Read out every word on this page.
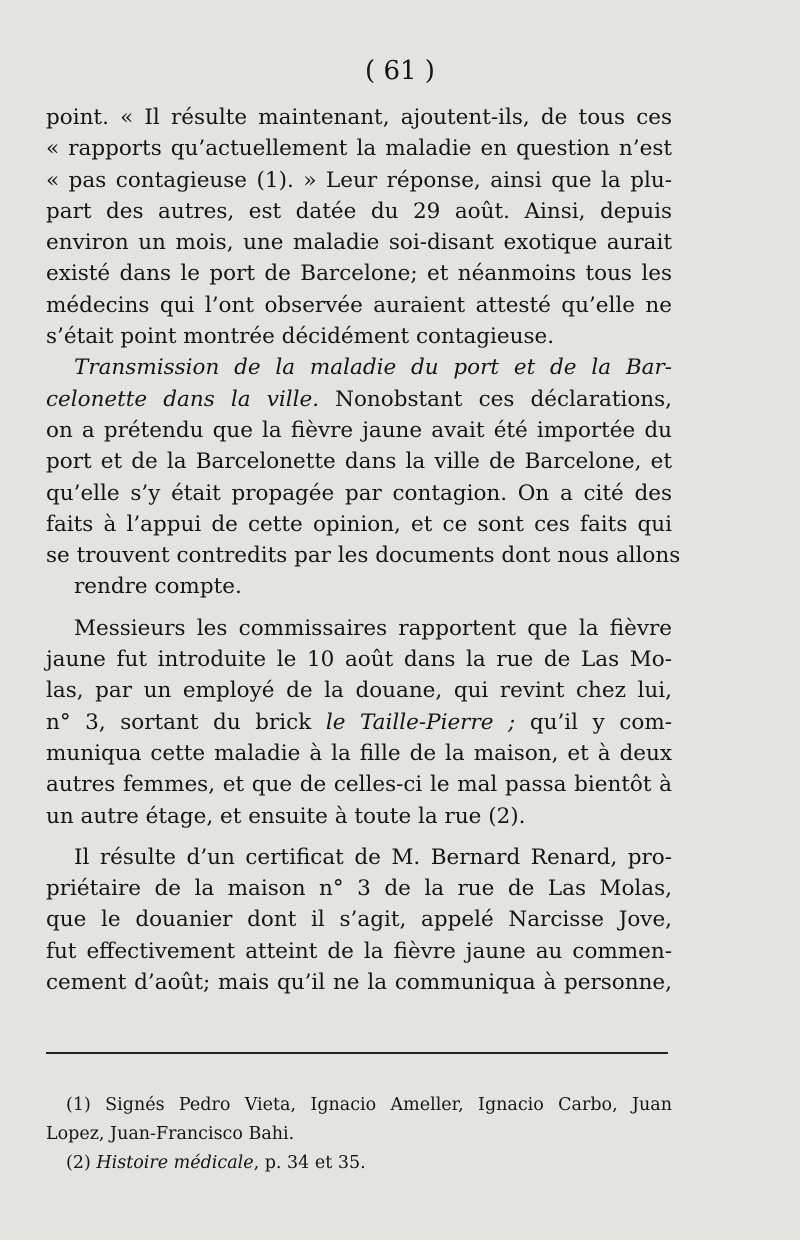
( 61 )
point. « Il résulte maintenant, ajoutent-ils, de tous ces
« rapports qu’actuellement la maladie en question n’est
« pas contagieuse (1). » Leur réponse, ainsi que la plu-
part des autres, est datée du 29 août. Ainsi, depuis
environ un mois, une maladie soi-disant exotique aurait
existé dans le port de Barcelone; et néanmoins tous les
médecins qui l’ont observée auraient attesté qu’elle ne
s’était point montrée décidément contagieuse.
Transmission de la maladie du port et de la Bar-
celonette dans la ville. Nonobstant ces déclarations,
on a prétendu que la fièvre jaune avait été importée du
port et de la Barcelonette dans la ville de Barcelone, et
qu’elle s’y était propagée par contagion. On a cité des
faits à l’appui de cette opinion, et ce sont ces faits qui
se trouvent contredits par les documents dont nous allons
rendre compte.
Messieurs les commissaires rapportent que la fièvre
jaune fut introduite le 10 août dans la rue de Las Mo-
las, par un employé de la douane, qui revint chez lui,
n° 3, sortant du brick le Taille-Pierre ; qu’il y com-
muniqua cette maladie à la fille de la maison, et à deux
autres femmes, et que de celles-ci le mal passa bientôt à
un autre étage, et ensuite à toute la rue (2).
Il résulte d’un certificat de M. Bernard Renard, pro-
priétaire de la maison n° 3 de la rue de Las Molas,
que le douanier dont il s’agit, appelé Narcisse Jove,
fut effectivement atteint de la fièvre jaune au commen-
cement d’août; mais qu’il ne la communiqua à personne,
(1) Signés Pedro Vieta, Ignacio Ameller, Ignacio Carbo, Juan
Lopez, Juan-Francisco Bahi.
(2) Histoire médicale, p. 34 et 35.
